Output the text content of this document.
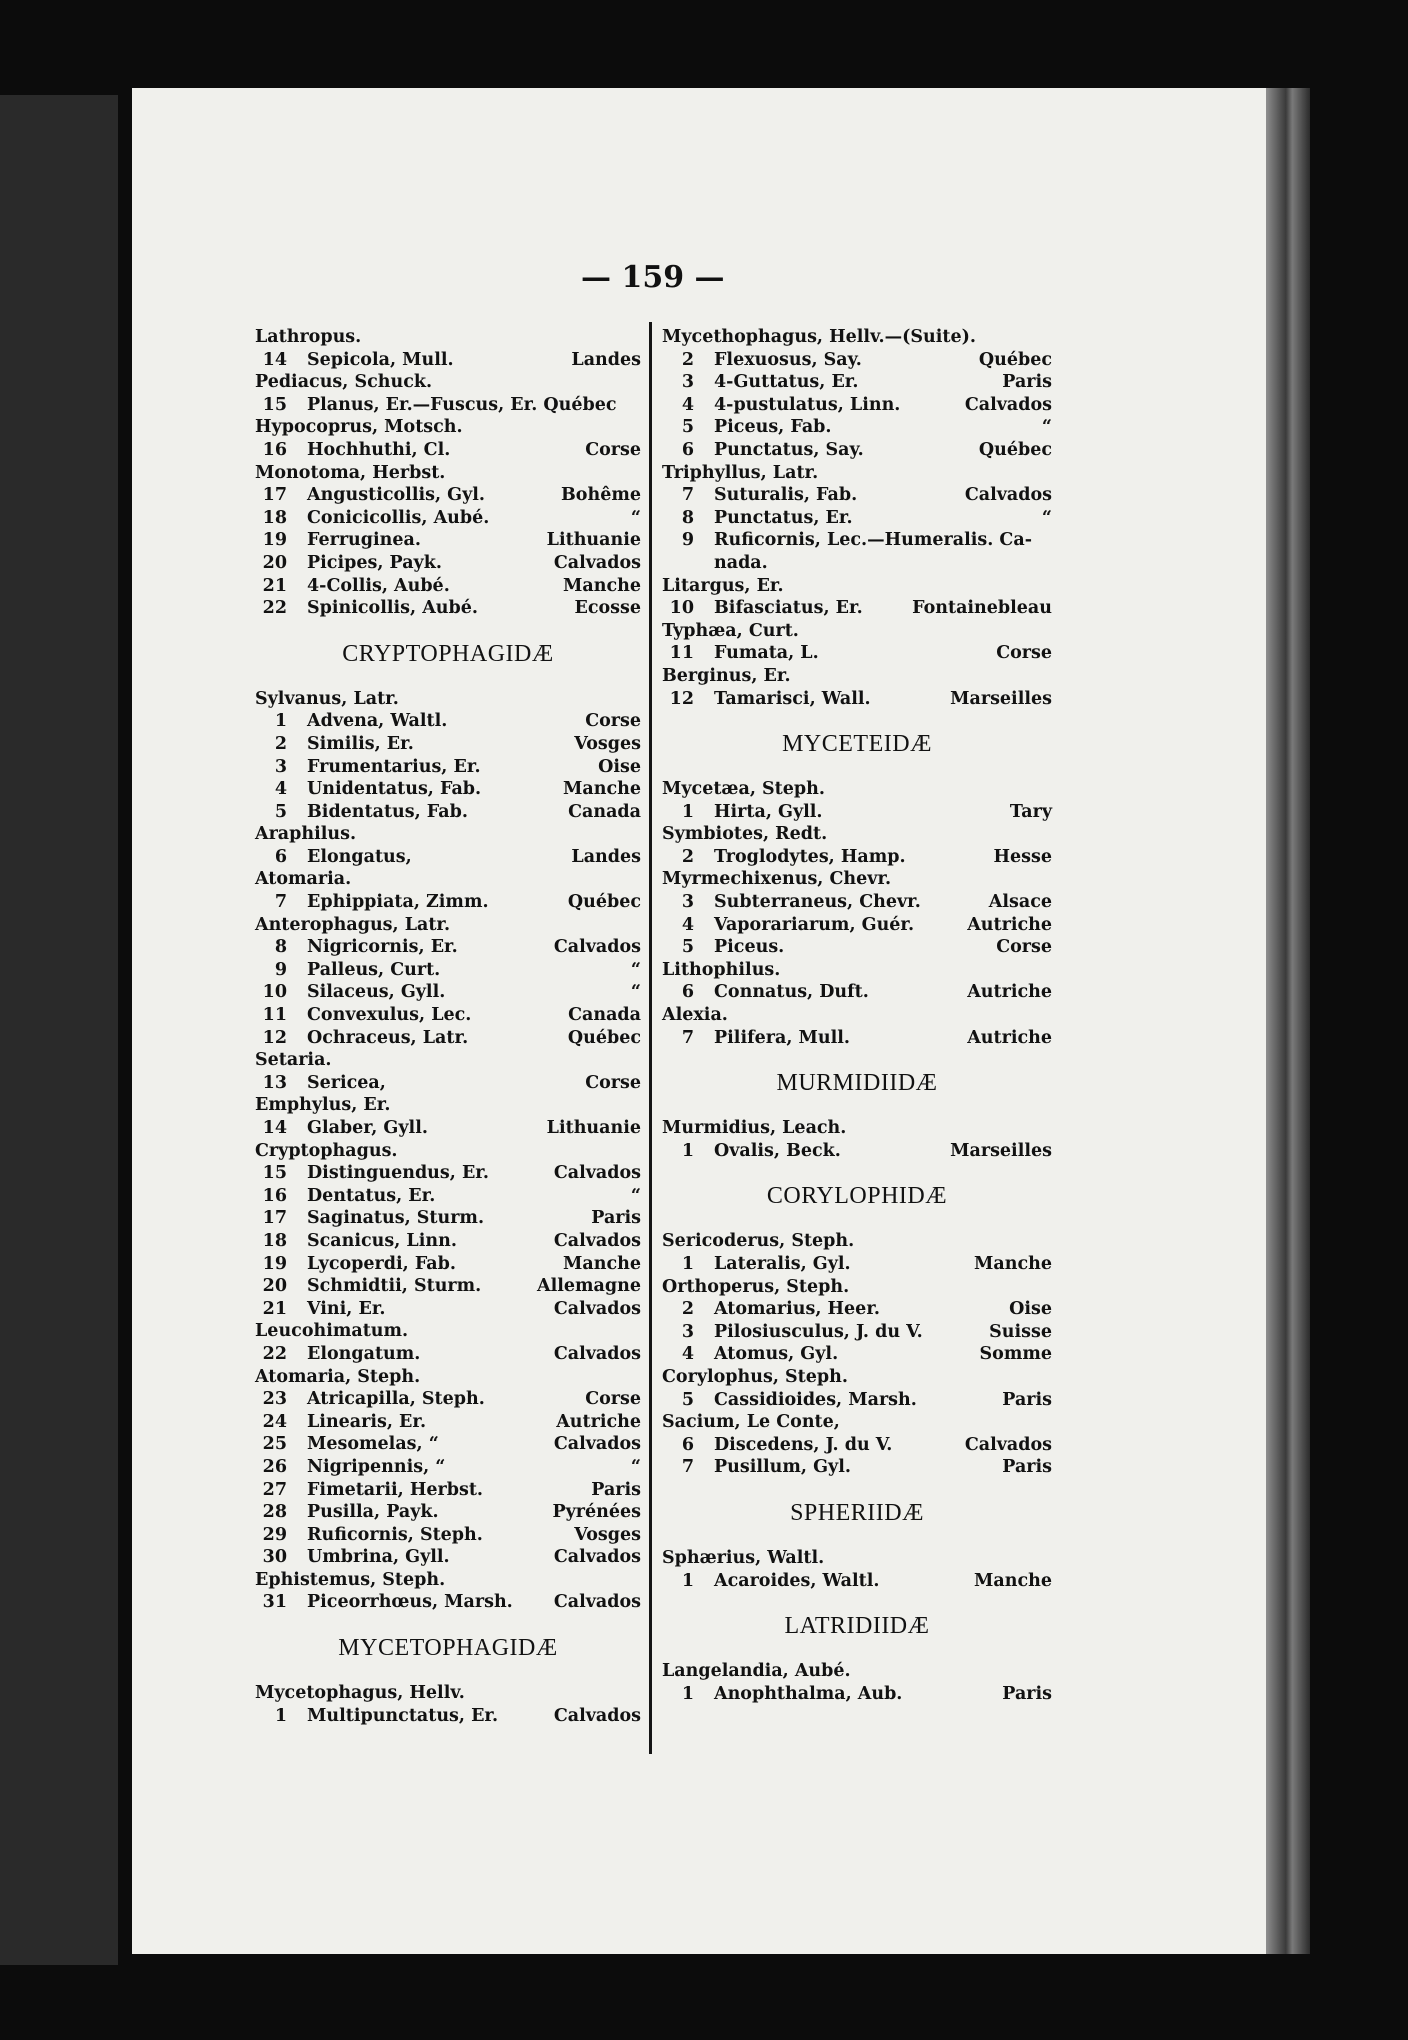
— 159 —
Lathropus.
14 Sepicola, Mull.	Landes
Pediacus, Schuck.
15 Planus, Er.—Fuscus, Er. Québec
Hypocoprus, Motsch.
16 Hochhuthi, Cl.	Corse
Monotoma, Herbst.
17 Angusticollis, Gyl.	Bohême
18 Conicicollis, Aubé.	“
19 Ferruginea.	Lithuanie
20 Picipes, Payk.	Calvados
21 4-Collis, Aubé.	Manche
22 Spinicollis, Aubé.	Ecosse
CRYPTOPHAGIDÆ
Sylvanus, Latr.
1 Advena, Waltl.	Corse
2 Similis, Er.	Vosges
3 Frumentarius, Er.	Oise
4 Unidentatus, Fab.	Manche
5 Bidentatus, Fab.	Canada
Araphilus.
6 Elongatus,	Landes
Atomaria.
7 Ephippiata, Zimm.	Québec
Anterophagus, Latr.
8 Nigricornis, Er.	Calvados
9 Palleus, Curt.	“
10 Silaceus, Gyll.	“
11 Convexulus, Lec.	Canada
12 Ochraceus, Latr.	Québec
Setaria.
13 Sericea,	Corse
Emphylus, Er.
14 Glaber, Gyll.	Lithuanie
Cryptophagus.
15 Distinguendus, Er.	Calvados
16 Dentatus, Er.	“
17 Saginatus, Sturm.	Paris
18 Scanicus, Linn.	Calvados
19 Lycoperdi, Fab.	Manche
20 Schmidtii, Sturm.	Allemagne
21 Vini, Er.	Calvados
Leucohimatum.
22 Elongatum.	Calvados
Atomaria, Steph.
23 Atricapilla, Steph.	Corse
24 Linearis, Er.	Autriche
25 Mesomelas, “	Calvados
26 Nigripennis, “	“
27 Fimetarii, Herbst.	Paris
28 Pusilla, Payk.	Pyrénées
29 Ruficornis, Steph.	Vosges
30 Umbrina, Gyll.	Calvados
Ephistemus, Steph.
31 Piceorrhœus, Marsh. Calvados
MYCETOPHAGIDÆ
Mycetophagus, Hellv.
1 Multipunctatus, Er.	Calvados
Mycethophagus, Hellv.—(Suite).
2 Flexuosus, Say.	Québec
3 4-Guttatus, Er.	Paris
4 4-pustulatus, Linn.	Calvados
5 Piceus, Fab.	“
6 Punctatus, Say.	Québec
Triphyllus, Latr.
7 Suturalis, Fab.	Calvados
8 Punctatus, Er.	“
9 Ruficornis, Lec.—Humeralis. Ca-
nada.
Litargus, Er.
10 Bifasciatus, Er.	Fontainebleau
Typhæa, Curt.
11 Fumata, L.	Corse
Berginus, Er.
12 Tamarisci, Wall.	Marseilles
MYCETEIDÆ
Mycetæa, Steph.
1 Hirta, Gyll.	Tary
Symbiotes, Redt.
2 Troglodytes, Hamp.	Hesse
Myrmechixenus, Chevr.
3 Subterraneus, Chevr.	Alsace
4 Vaporariarum, Guér.	Autriche
5 Piceus.	Corse
Lithophilus.
6 Connatus, Duft.	Autriche
Alexia.
7 Pilifera, Mull.	Autriche
MURMIDIIDÆ
Murmidius, Leach.
1 Ovalis, Beck.	Marseilles
CORYLOPHIDÆ
Sericoderus, Steph.
1 Lateralis, Gyl.	Manche
Orthoperus, Steph.
2 Atomarius, Heer.	Oise
3 Pilosiusculus, J. du V.	Suisse
4 Atomus, Gyl.	Somme
Corylophus, Steph.
5 Cassidioides, Marsh.	Paris
Sacium, Le Conte,
6 Discedens, J. du V.	Calvados
7 Pusillum, Gyl.	Paris
SPHERIIDÆ
Sphærius, Waltl.
1 Acaroides, Waltl.	Manche
LATRIDIIDÆ
Langelandia, Aubé.
1 Anophthalma, Aub.	Paris
